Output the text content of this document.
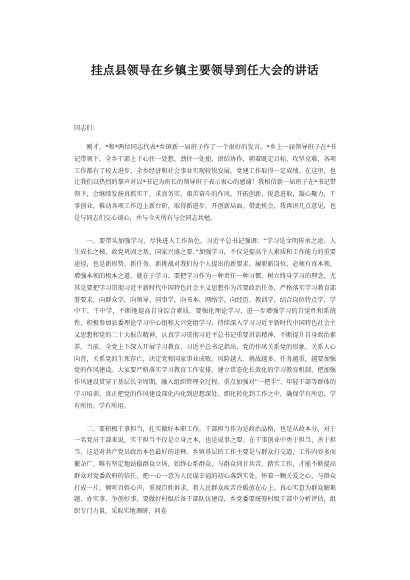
挂点县领导在乡镇主要领导到任大会的讲话
同志们：

刚才，*和*两位同志代表*乡镇新一届班子作了一个很好的发言。*乡上一届领导班子在*书记带领下，全乡干部上下心往一处想，劲往一处使，团结协作，朝着既定目标，攻坚克难，各项工作都有了较大进步，全乡经济和社会事业实现较快发展，党建工作取得一定成绩。在这里，也让我们以热烈的掌声对以*书记为班长的领导班子表示衷心的感谢！我相信新一届班子在*书记带领下，会继续发扬真抓实干、求真务实、艰苦奋斗的作风，开拓创新，锐意进取，凝心聚力，干事创业，推动各项工作迈上新台阶，取得新进步，开创新局面。借此机会，我再讲几点意见，也是与同志们交心谈心，并与今天所有与会同志共勉。

一、要带头加强学习，尽快进入工作角色。习近平总书记强调：“学习是文明传承之途、人生成长之梯、政党巩固之基、国家兴盛之要。”加强学习，不仅是提高个人素质和工作能力的重要途径，也是新形势、新任务、新挑战对我们每个人提出的新要求。履职新岗位，必须有真本领，增强本领的根本之道，就在于学习。要把学习作为一种责任一种习惯，树立终身学习的理念，尤其是要把学习贯彻习近平新时代中国特色社会主义思想作为首要政治任务，严格落实学习教育部署要求，向群众学，向领导、同事学，向书本、网络学，向经历、教训学，结合岗位特点学，学中干、干中学，不断地提高自身综合素质。要强化理论学习，进一步增强学习的自觉性和系统性，积极参加县委理论学习中心组和大兴党组学习，持续深入学习习近平新时代中国特色社会主义思想和党的二十大报告精神，认真学习贯彻习近平总书记重要讲话精神，不断提升自身政治素养。当前，全党上下深入开展学习教育，习近平总书记指出，党的作风关系党的形象，关系人心向背，关系党的生死存亡，决定党和国家事业成败。风险越大、挑战越多、任务越重，越要加强党的作风建设。大家要严格落实学习教育工作安排，建立常态化长效化的学习教育机制，把加强作风建设贯穿于基层长全周期，融入组织管理全过程。重点加强对“一把手”、年轻干部等群体的学习培训，真正把党的作风建设深化内化到思想深处、细化转化到工作之中，确保学有所思、学有所悟、学有所用。

二、要积极干事担当，扎实做好本职工作。干部担当作为是政治品格，也是从政本分，对于一名党员干部来说，实干担当不仅是立身之本，也是成事之要。在干事创业中勇于担当、善于担当，这是对共产党员政治本色最好的诠释。乡镇基层的工作主要是与群众打交道，工作内容多而繁杂广，唯有坚定地站稳群众立场，始终心系群众、与群众同甘共苦，踏实工作，才能不断提高群众对党委政府的信任，把一心一意为人民谋幸福的初心落到实处，怀着一颗关爱之心、与群众打成一片，倾听百姓心声，重视百姓诉求，将人民群众疾苦冷暖放在心上。真心实意为群众解难题、办实事，争创好事，要做好村级后备干部队伍建设，乡党委要统筹村级干部中分析评估，组织专门力量，采取实地调研、问卷
